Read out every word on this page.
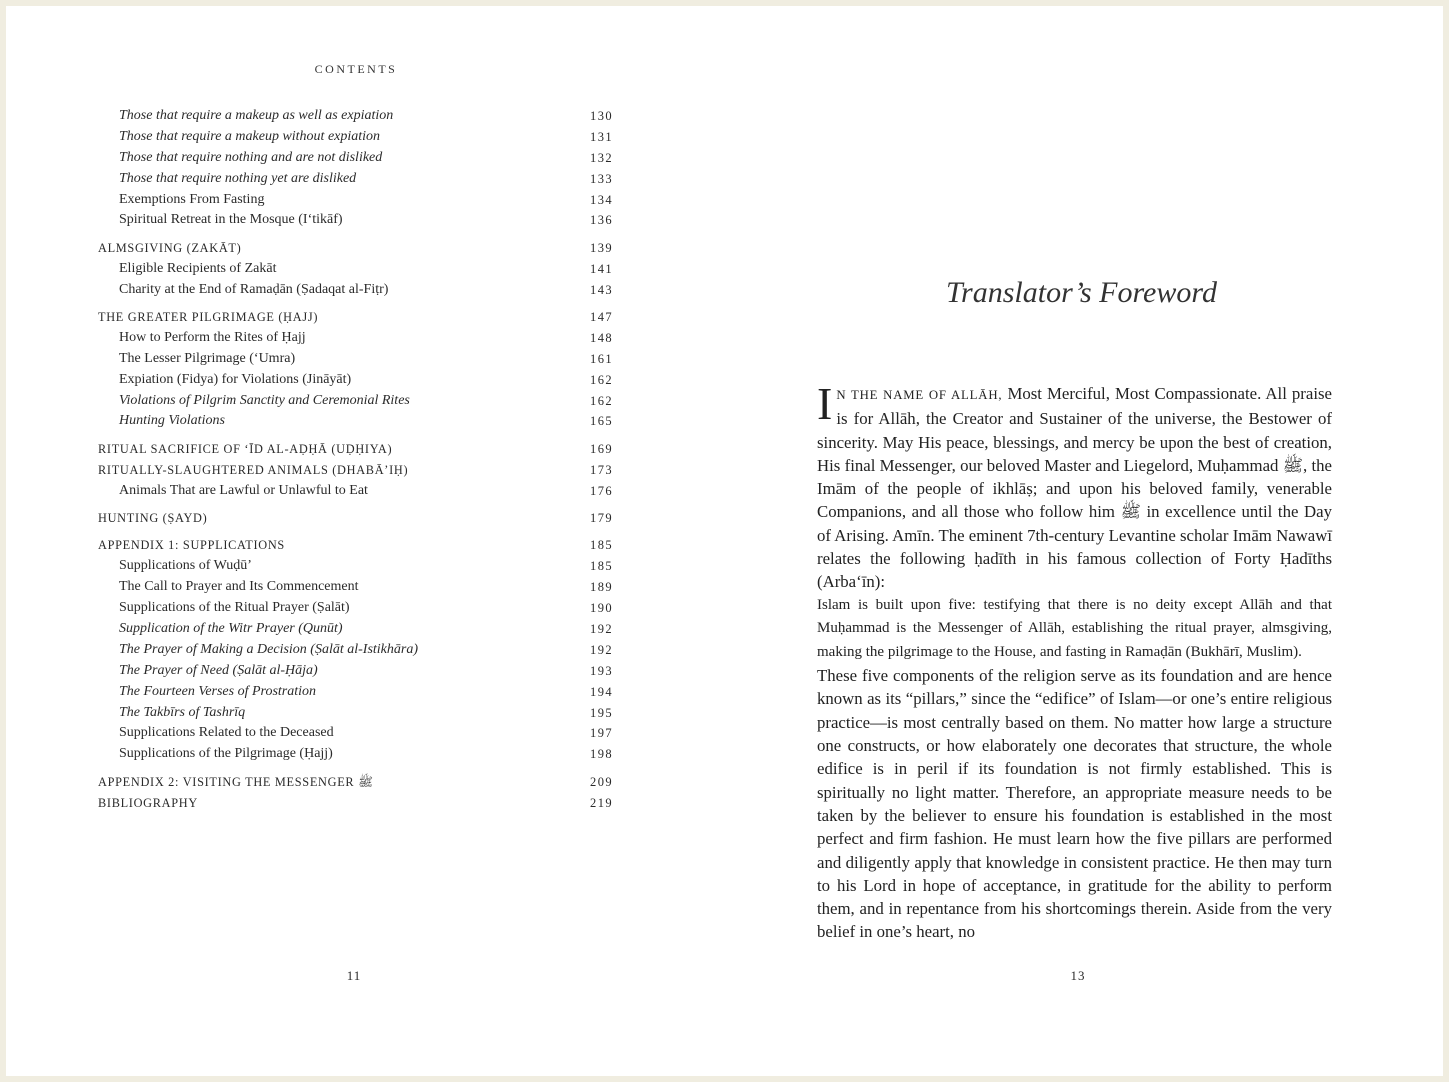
CONTENTS
Those that require a makeup as well as expiation	130
Those that require a makeup without expiation	131
Those that require nothing and are not disliked	132
Those that require nothing yet are disliked	133
Exemptions From Fasting	134
Spiritual Retreat in the Mosque (I‘tikāf)	136
ALMSGIVING (ZAKĀT)	139
Eligible Recipients of Zakāt	141
Charity at the End of Ramaḍān (Ṣadaqat al-Fiṭr)	143
THE GREATER PILGRIMAGE (ḤAJJ)	147
How to Perform the Rites of Ḥajj	148
The Lesser Pilgrimage (‘Umra)	161
Expiation (Fidya) for Violations (Jināyāt)	162
Violations of Pilgrim Sanctity and Ceremonial Rites	162
Hunting Violations	165
RITUAL SACRIFICE OF ‘ĪD AL-AḌḤĀ (UḌḤIYA)	169
RITUALLY-SLAUGHTERED ANIMALS (DHABĀ’IḤ)	173
Animals That are Lawful or Unlawful to Eat	176
HUNTING (ṢAYD)	179
APPENDIX 1: SUPPLICATIONS	185
Supplications of Wuḍū’	185
The Call to Prayer and Its Commencement	189
Supplications of the Ritual Prayer (Ṣalāt)	190
Supplication of the Witr Prayer (Qunūt)	192
The Prayer of Making a Decision (Ṣalāt al-Istikhāra)	192
The Prayer of Need (Ṣalāt al-Ḥāja)	193
The Fourteen Verses of Prostration	194
The Takbīrs of Tashrīq	195
Supplications Related to the Deceased	197
Supplications of the Pilgrimage (Ḥajj)	198
APPENDIX 2: VISITING THE MESSENGER ﷺ	209
BIBLIOGRAPHY	219
11
Translator’s Foreword

IN THE NAME OF ALLĀH, Most Merciful, Most Compassionate. All praise is for Allāh, the Creator and Sustainer of the universe, the Bestower of sincerity. May His peace, blessings, and mercy be upon the best of creation, His final Messenger, our beloved Master and Liegelord, Muḥammad ﷺ, the Imām of the people of ikhlāṣ; and upon his beloved family, venerable Companions, and all those who follow him ﷺ in excellence until the Day of Arising. Amīn. The eminent 7th-century Levantine scholar Imām Nawawī relates the following ḥadīth in his famous collection of Forty Ḥadīths (Arba‘īn):

Islam is built upon five: testifying that there is no deity except Allāh and that Muḥammad is the Messenger of Allāh, establishing the ritual prayer, almsgiving, making the pilgrimage to the House, and fasting in Ramaḍān (Bukhārī, Muslim).

These five components of the religion serve as its foundation and are hence known as its “pillars,” since the “edifice” of Islam—or one’s entire religious practice—is most centrally based on them. No matter how large a structure one constructs, or how elaborately one decorates that structure, the whole edifice is in peril if its foundation is not firmly established. This is spiritually no light matter. Therefore, an appropriate measure needs to be taken by the believer to ensure his foundation is established in the most perfect and firm fashion. He must learn how the five pillars are performed and diligently apply that knowledge in consistent practice. He then may turn to his Lord in hope of acceptance, in gratitude for the ability to perform them, and in repentance from his shortcomings therein. Aside from the very belief in one’s heart, no

13
